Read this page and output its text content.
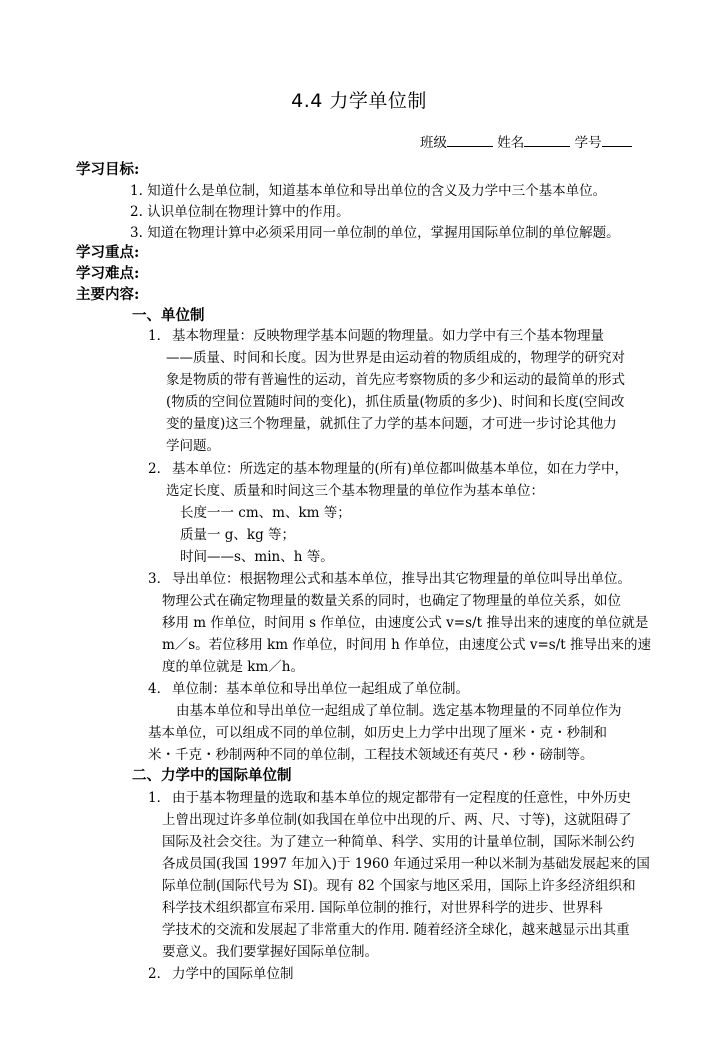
4.4 力学单位制
班级	姓名	学号
学习目标:
1. 知道什么是单位制，知道基本单位和导出单位的含义及力学中三个基本单位。
2. 认识单位制在物理计算中的作用。
3. 知道在物理计算中必须采用同一单位制的单位，掌握用国际单位制的单位解题。
学习重点:
学习难点:
主要内容:
一、单位制
1． 基本物理量：反映物理学基本问题的物理量。如力学中有三个基本物理量
——质量、时间和长度。因为世界是由运动着的物质组成的，物理学的研究对
象是物质的带有普遍性的运动，首先应考察物质的多少和运动的最简单的形式
(物质的空间位置随时间的变化)，抓住质量(物质的多少)、时间和长度(空间改
变的量度)这三个物理量，就抓住了力学的基本问题，才可进一步讨论其他力
学问题。
2． 基本单位：所选定的基本物理量的(所有)单位都叫做基本单位，如在力学中，
选定长度、质量和时间这三个基本物理量的单位作为基本单位：
长度一一 cm、m、km 等；
质量一 g、kg 等；
时间——s、min、h 等。
3． 导出单位：根据物理公式和基本单位，推导出其它物理量的单位叫导出单位。
物理公式在确定物理量的数量关系的同时，也确定了物理量的单位关系，如位
移用 m 作单位，时间用 s 作单位，由速度公式 v=s/t 推导出来的速度的单位就是
m／s。若位移用 km 作单位，时间用 h 作单位，由速度公式 v=s/t 推导出来的速
度的单位就是 km／h。
4． 单位制：基本单位和导出单位一起组成了单位制。
由基本单位和导出单位一起组成了单位制。选定基本物理量的不同单位作为
基本单位，可以组成不同的单位制，如历史上力学中出现了厘米・克・秒制和
米・千克・秒制两种不同的单位制，工程技术领域还有英尺・秒・磅制等。
二、力学中的国际单位制
1． 由于基本物理量的选取和基本单位的规定都带有一定程度的任意性，中外历史
上曾出现过许多单位制(如我国在单位中出现的斤、两、尺、寸等)，这就阻碍了
国际及社会交往。为了建立一种简单、科学、实用的计量单位制，国际米制公约
各成员国(我国 1997 年加入)于 1960 年通过采用一种以米制为基础发展起来的国
际单位制(国际代号为 SI)。现有 82 个国家与地区采用，国际上许多经济组织和
科学技术组织都宣布采用. 国际单位制的推行，对世界科学的进步、世界科
学技术的交流和发展起了非常重大的作用. 随着经济全球化，越来越显示出其重
要意义。我们要掌握好国际单位制。
2． 力学中的国际单位制
